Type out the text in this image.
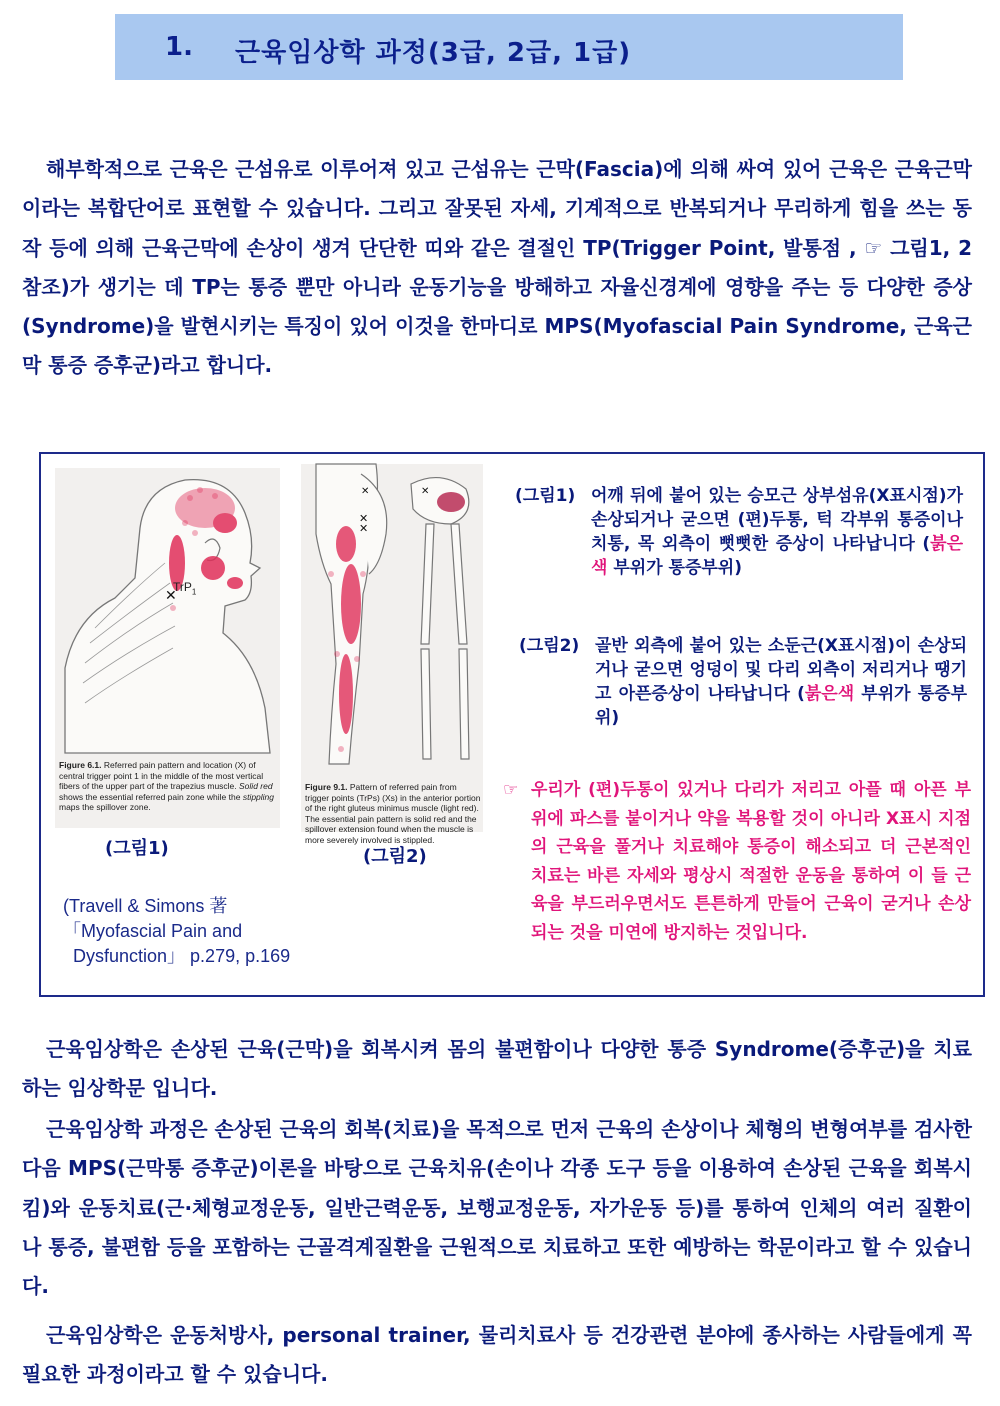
1. 근육임상학 과정(3급, 2급, 1급)

해부학적으로 근육은 근섬유로 이루어져 있고 근섬유는 근막(Fascia)에 의해 싸여 있어 근육은 근육근막이라는 복합단어로 표현할 수 있습니다. 그리고 잘못된 자세, 기계적으로 반복되거나 무리하게 힘을 쓰는 동작 등에 의해 근육근막에 손상이 생겨 단단한 띠와 같은 결절인 TP(Trigger Point, 발통점 , ☞ 그림1, 2 참조)가 생기는 데 TP는 통증 뿐만 아니라 운동기능을 방해하고 자율신경계에 영향을 주는 등 다양한 증상(Syndrome)을 발현시키는 특징이 있어 이것을 한마디로 MPS(Myofascial Pain Syndrome, 근육근막 통증 증후군)라고 합니다.

✕
TrP$_1$
Figure 6.1. Referred pain pattern and location (X) of central trigger point 1 in the middle of the most vertical fibers of the upper part of the trapezius muscle. Solid red shows the essential referred pain zone while the stippling maps the spillover zone.
✕
✕
✕	✕
Figure 9.1. Pattern of referred pain from trigger points (TrPs) (Xs) in the anterior portion of the right gluteus minimus muscle (light red). The essential pain pattern is solid red and the spillover extension found when the muscle is more severely involved is stippled.
(그림1)	(그림2)
(Travell & Simons 著
「Myofascial Pain and
Dysfunction」 p.279, p.169
(그림1) 어깨 뒤에 붙어 있는 승모근 상부섬유(X표시점)가 손상되거나 굳으면 (편)두통, 턱 각부위 통증이나 치통, 목 외측이 뻣뻣한 증상이 나타납니다 (붉은색 부위가 통증부위)
(그림2) 골반 외측에 붙어 있는 소둔근(X표시점)이 손상되거나 굳으면 엉덩이 및 다리 외측이 저리거나 땡기고 아픈증상이 나타납니다 (붉은색 부위가 통증부위)
☞ 우리가 (편)두통이 있거나 다리가 저리고 아플 때 아픈 부위에 파스를 붙이거나 약을 복용할 것이 아니라 X표시 지점의 근육을 풀거나 치료해야 통증이 해소되고 더 근본적인 치료는 바른 자세와 평상시 적절한 운동을 통하여 이 들 근육을 부드러우면서도 튼튼하게 만들어 근육이 굳거나 손상되는 것을 미연에 방지하는 것입니다.

근육임상학은 손상된 근육(근막)을 회복시켜 몸의 불편함이나 다양한 통증 Syndrome(증후군)을 치료하는 임상학문 입니다.

근육임상학 과정은 손상된 근육의 회복(치료)을 목적으로 먼저 근육의 손상이나 체형의 변형여부를 검사한 다음 MPS(근막통 증후군)이론을 바탕으로 근육치유(손이나 각종 도구 등을 이용하여 손상된 근육을 회복시킴)와 운동치료(근·체형교정운동, 일반근력운동, 보행교정운동, 자가운동 등)를 통하여 인체의 여러 질환이나 통증, 불편함 등을 포함하는 근골격계질환을 근원적으로 치료하고 또한 예방하는 학문이라고 할 수 있습니다.

근육임상학은 운동처방사, personal trainer, 물리치료사 등 건강관련 분야에 종사하는 사람들에게 꼭 필요한 과정이라고 할 수 있습니다.
